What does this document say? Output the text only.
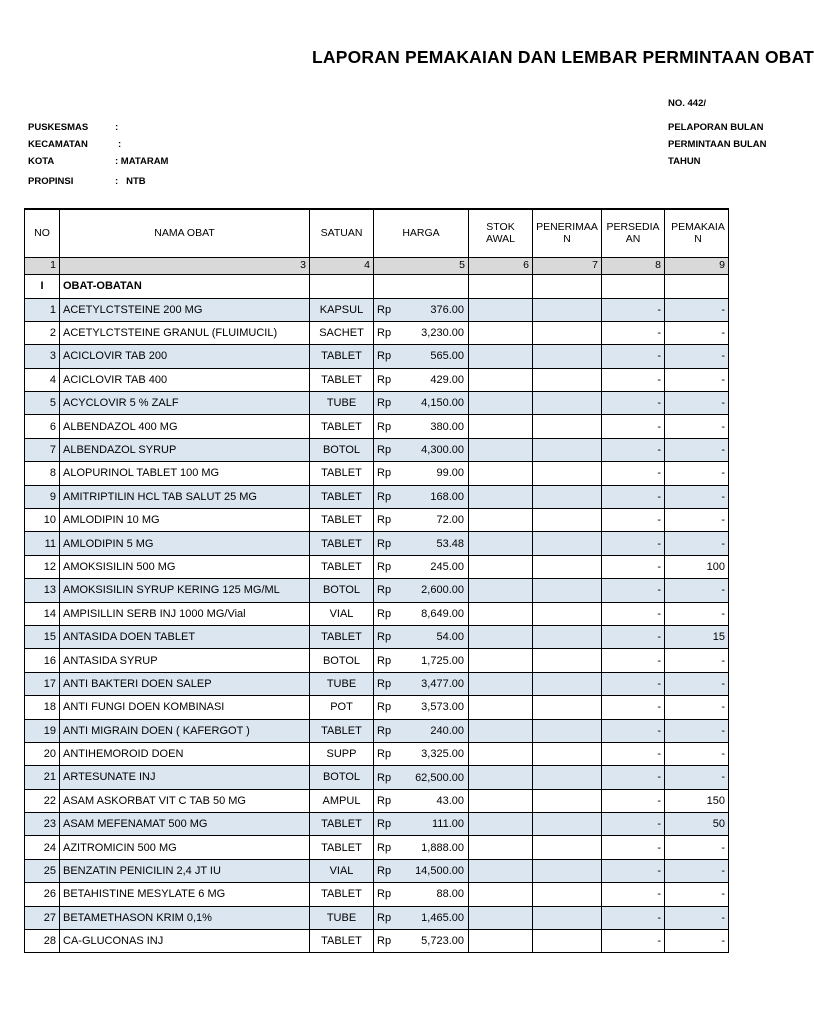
LAPORAN PEMAKAIAN DAN LEMBAR PERMINTAAN OBAT
NO. 442/
PUSKESMAS	:
KECAMATAN	:
KOTA	: MATARAM
PROPINSI	:   NTB
PELAPORAN BULAN
PERMINTAAN BULAN
TAHUN
NO	NAMA OBAT	SATUAN	HARGA	STOK AWAL	PENERIMAAN	PERSEDIAAN	PEMAKAIAN
1	3	4	5	6	7	8	9
I	OBAT-OBATAN						
1	ACETYLCTSTEINE 200 MG	KAPSUL	Rp 376.00			-	-
2	ACETYLCTSTEINE GRANUL (FLUIMUCIL)	SACHET	Rp 3,230.00			-	-
3	ACICLOVIR TAB 200	TABLET	Rp 565.00			-	-
4	ACICLOVIR TAB 400	TABLET	Rp 429.00			-	-
5	ACYCLOVIR 5 % ZALF	TUBE	Rp 4,150.00			-	-
6	ALBENDAZOL 400 MG	TABLET	Rp 380.00			-	-
7	ALBENDAZOL SYRUP	BOTOL	Rp 4,300.00			-	-
8	ALOPURINOL TABLET 100 MG	TABLET	Rp 99.00			-	-
9	AMITRIPTILIN HCL TAB SALUT 25 MG	TABLET	Rp 168.00			-	-
10	AMLODIPIN 10 MG	TABLET	Rp 72.00			-	-
11	AMLODIPIN 5 MG	TABLET	Rp 53.48			-	-
12	AMOKSISILIN 500 MG	TABLET	Rp 245.00			-	100
13	AMOKSISILIN SYRUP KERING 125 MG/ML	BOTOL	Rp 2,600.00			-	-
14	AMPISILLIN SERB INJ 1000 MG/Vial	VIAL	Rp 8,649.00			-	-
15	ANTASIDA DOEN TABLET	TABLET	Rp 54.00			-	15
16	ANTASIDA SYRUP	BOTOL	Rp 1,725.00			-	-
17	ANTI BAKTERI DOEN SALEP	TUBE	Rp 3,477.00			-	-
18	ANTI FUNGI DOEN KOMBINASI	POT	Rp 3,573.00			-	-
19	ANTI MIGRAIN DOEN ( KAFERGOT )	TABLET	Rp 240.00			-	-
20	ANTIHEMOROID DOEN	SUPP	Rp 3,325.00			-	-
21	ARTESUNATE INJ	BOTOL	Rp 62,500.00			-	-
22	ASAM ASKORBAT VIT C TAB 50 MG	AMPUL	Rp 43.00			-	150
23	ASAM MEFENAMAT 500 MG	TABLET	Rp 111.00			-	50
24	AZITROMICIN 500 MG	TABLET	Rp 1,888.00			-	-
25	BENZATIN PENICILIN 2,4 JT IU	VIAL	Rp 14,500.00			-	-
26	BETAHISTINE MESYLATE 6 MG	TABLET	Rp 88.00			-	-
27	BETAMETHASON KRIM 0,1%	TUBE	Rp 1,465.00			-	-
28	CA-GLUCONAS INJ	TABLET	Rp 5,723.00			-	-
